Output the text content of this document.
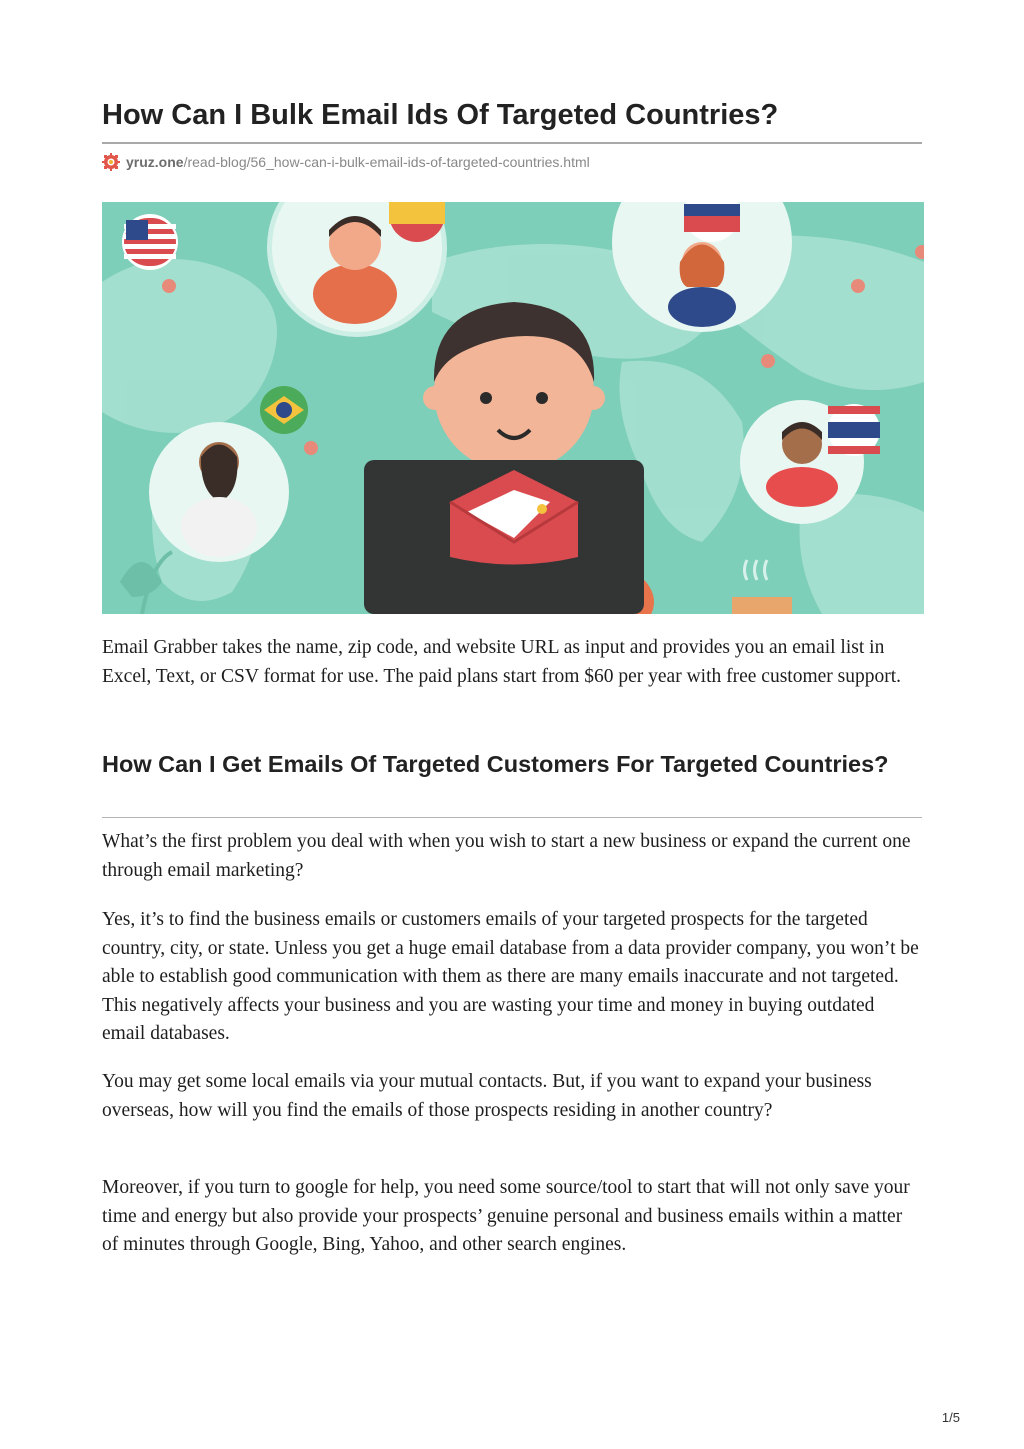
How Can I Bulk Email Ids Of Targeted Countries?
yruz.one/read-blog/56_how-can-i-bulk-email-ids-of-targeted-countries.html

Email Grabber takes the name, zip code, and website URL as input and provides you an email list in Excel, Text, or CSV format for use. The paid plans start from $60 per year with free customer support.

How Can I Get Emails Of Targeted Customers For Targeted Countries?

What’s the first problem you deal with when you wish to start a new business or expand the current one through email marketing?

Yes, it’s to find the business emails or customers emails of your targeted prospects for the targeted country, city, or state. Unless you get a huge email database from a data provider company, you won’t be able to establish good communication with them as there are many emails inaccurate and not targeted. This negatively affects your business and you are wasting your time and money in buying outdated email databases.

You may get some local emails via your mutual contacts. But, if you want to expand your business overseas, how will you find the emails of those prospects residing in another country?

Moreover, if you turn to google for help, you need some source/tool to start that will not only save your time and energy but also provide your prospects’ genuine personal and business emails within a matter of minutes through Google, Bing, Yahoo, and other search engines.

1/5
